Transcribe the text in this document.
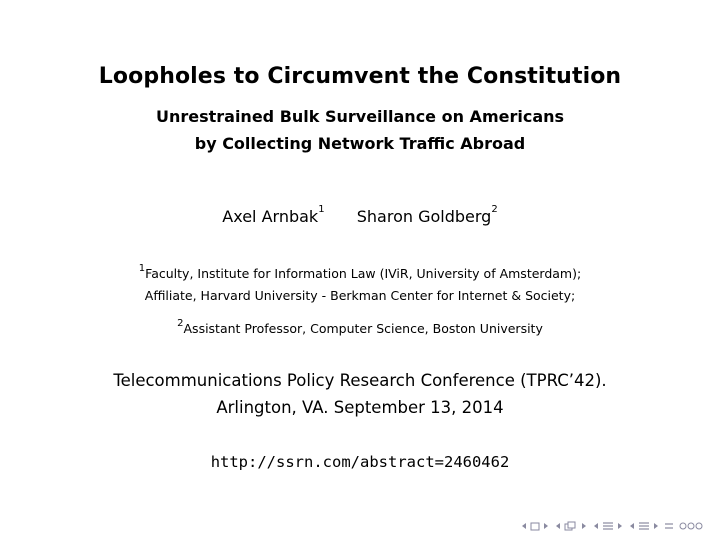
Loopholes to Circumvent the Constitution
Unrestrained Bulk Surveillance on Americans
by Collecting Network Traffic Abroad
Axel Arnbak$^1$ Sharon Goldberg$^2$
$^1$Faculty, Institute for Information Law (IViR, University of Amsterdam);
Affiliate, Harvard University - Berkman Center for Internet & Society;
$^2$Assistant Professor, Computer Science, Boston University
Telecommunications Policy Research Conference (TPRC’42).
Arlington, VA. September 13, 2014
http://ssrn.com/abstract=2460462
